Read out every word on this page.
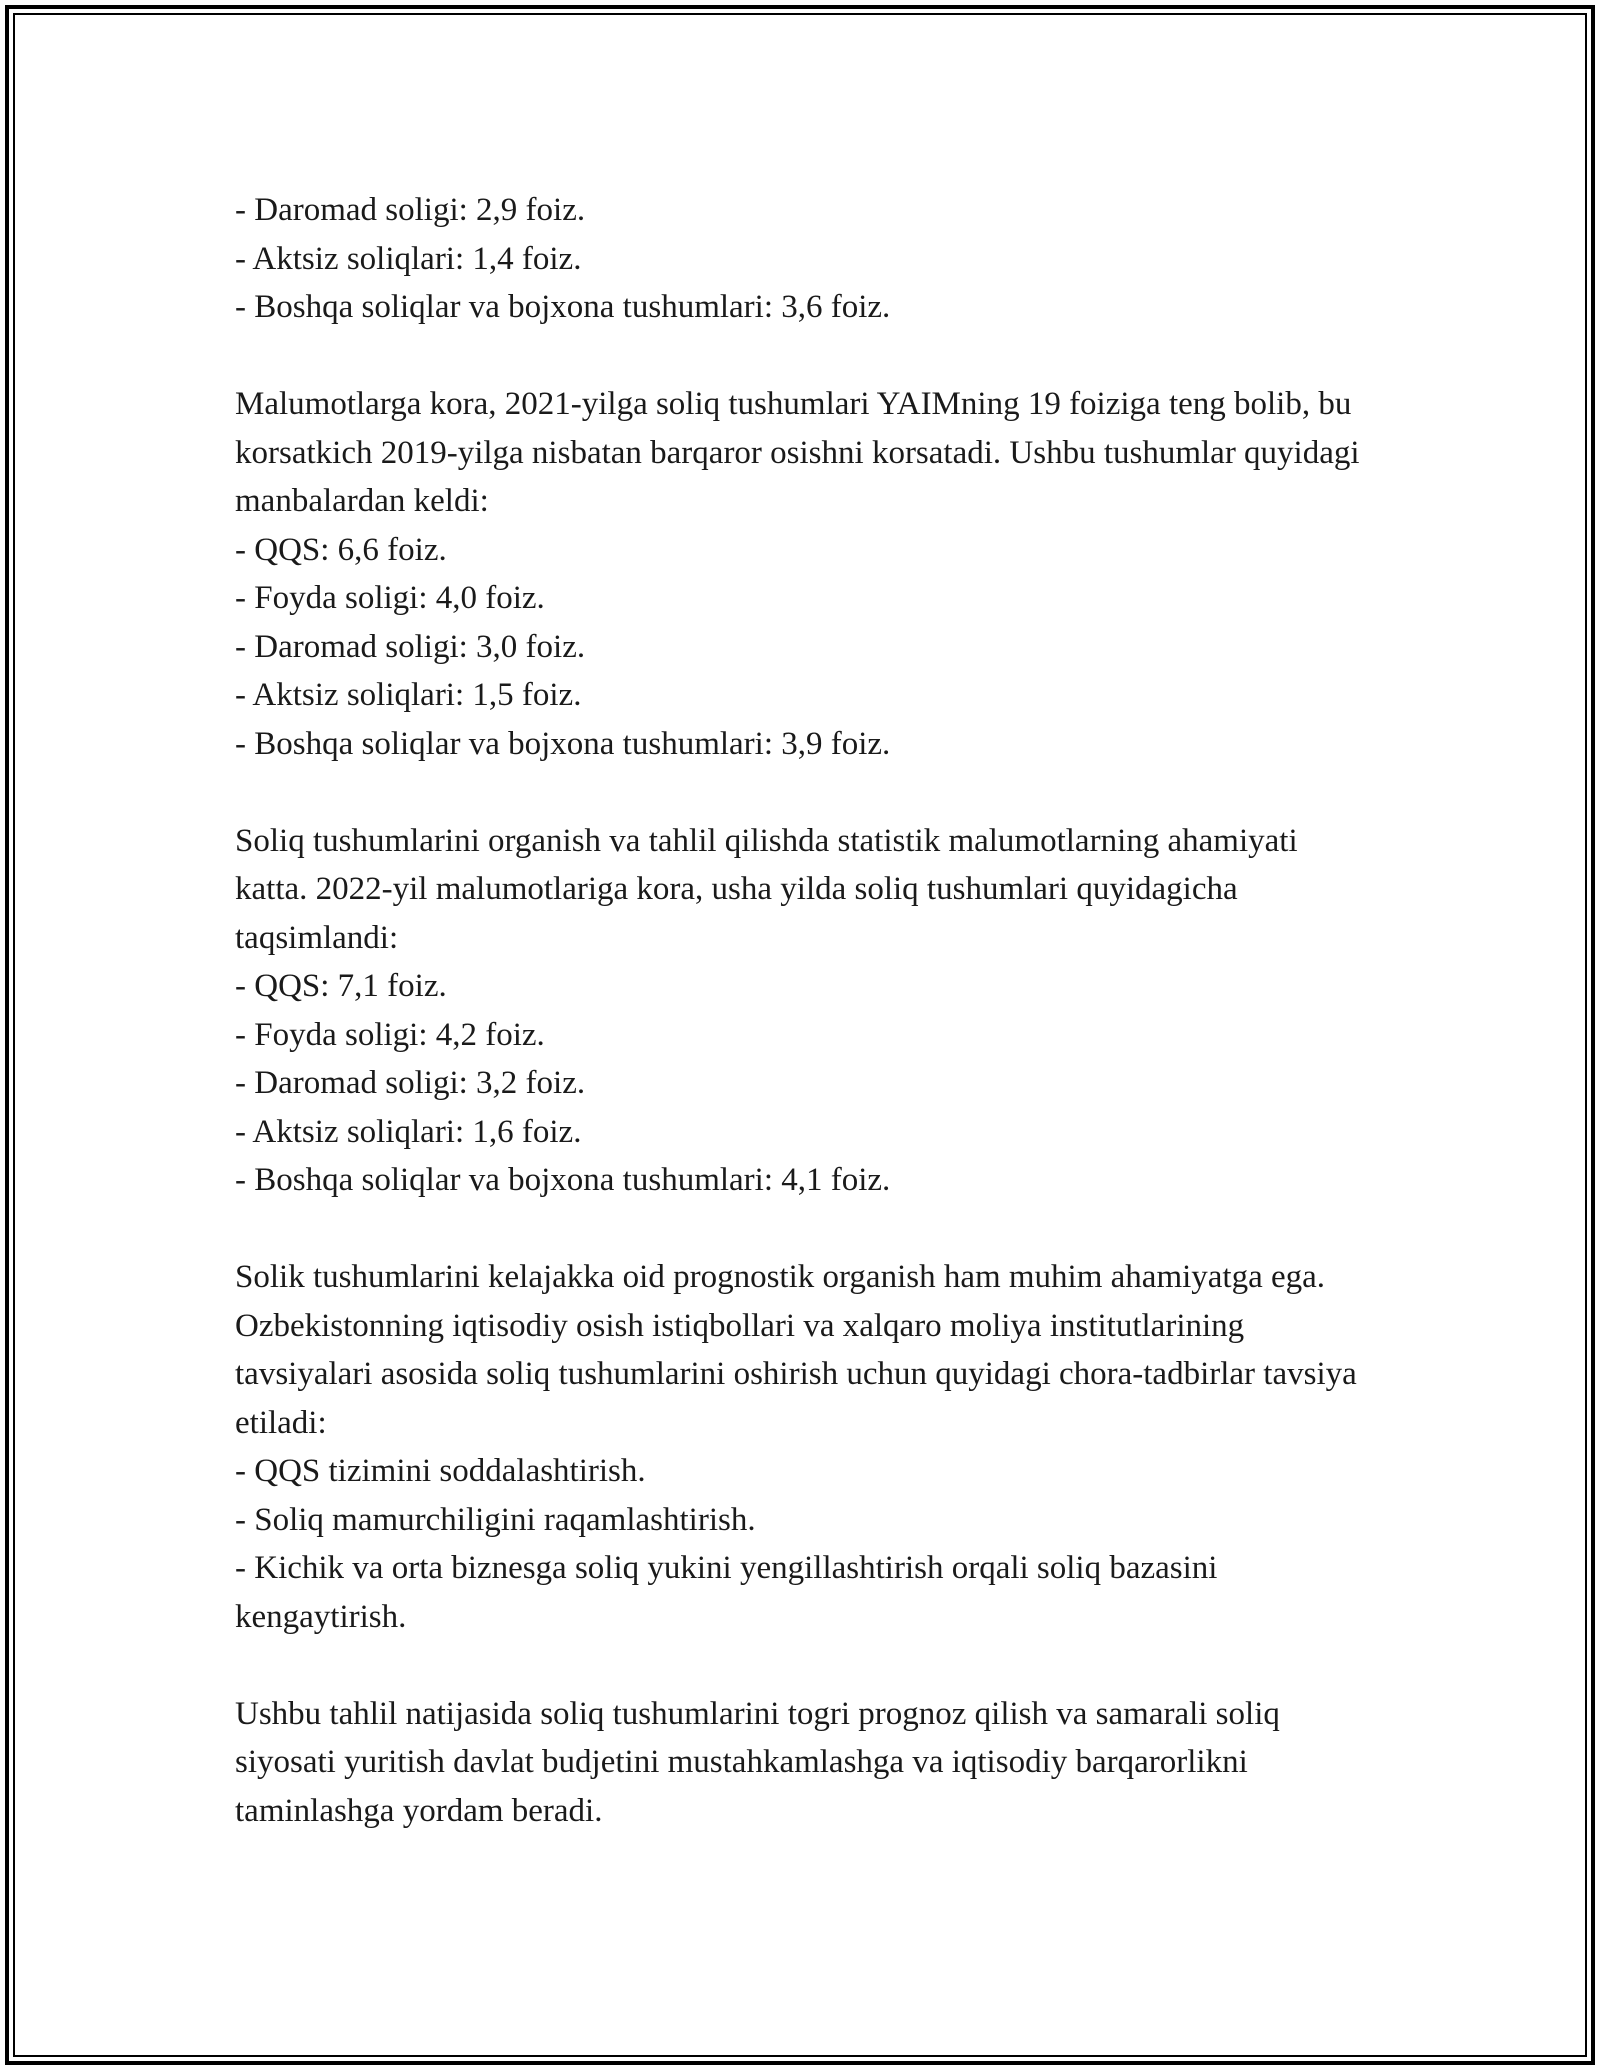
- Daromad soligi: 2,9 foiz.

- Aktsiz soliqlari: 1,4 foiz.

- Boshqa soliqlar va bojxona tushumlari: 3,6 foiz.

Malumotlarga kora, 2021-yilga soliq tushumlari YAIMning 19 foiziga teng bolib, bu korsatkich 2019-yilga nisbatan barqaror osishni korsatadi. Ushbu tushumlar quyidagi manbalardan keldi:

- QQS: 6,6 foiz.

- Foyda soligi: 4,0 foiz.

- Daromad soligi: 3,0 foiz.

- Aktsiz soliqlari: 1,5 foiz.

- Boshqa soliqlar va bojxona tushumlari: 3,9 foiz.

Soliq tushumlarini organish va tahlil qilishda statistik malumotlarning ahamiyati katta. 2022-yil malumotlariga kora, usha yilda soliq tushumlari quyidagicha taqsimlandi:

- QQS: 7,1 foiz.

- Foyda soligi: 4,2 foiz.

- Daromad soligi: 3,2 foiz.

- Aktsiz soliqlari: 1,6 foiz.

- Boshqa soliqlar va bojxona tushumlari: 4,1 foiz.

Solik tushumlarini kelajakka oid prognostik organish ham muhim ahamiyatga ega. Ozbekistonning iqtisodiy osish istiqbollari va xalqaro moliya institutlarining tavsiyalari asosida soliq tushumlarini oshirish uchun quyidagi chora-tadbirlar tavsiya etiladi:

- QQS tizimini soddalashtirish.

- Soliq mamurchiligini raqamlashtirish.

- Kichik va orta biznesga soliq yukini yengillashtirish orqali soliq bazasini kengaytirish.

Ushbu tahlil natijasida soliq tushumlarini togri prognoz qilish va samarali soliq siyosati yuritish davlat budjetini mustahkamlashga va iqtisodiy barqarorlikni taminlashga yordam beradi.
